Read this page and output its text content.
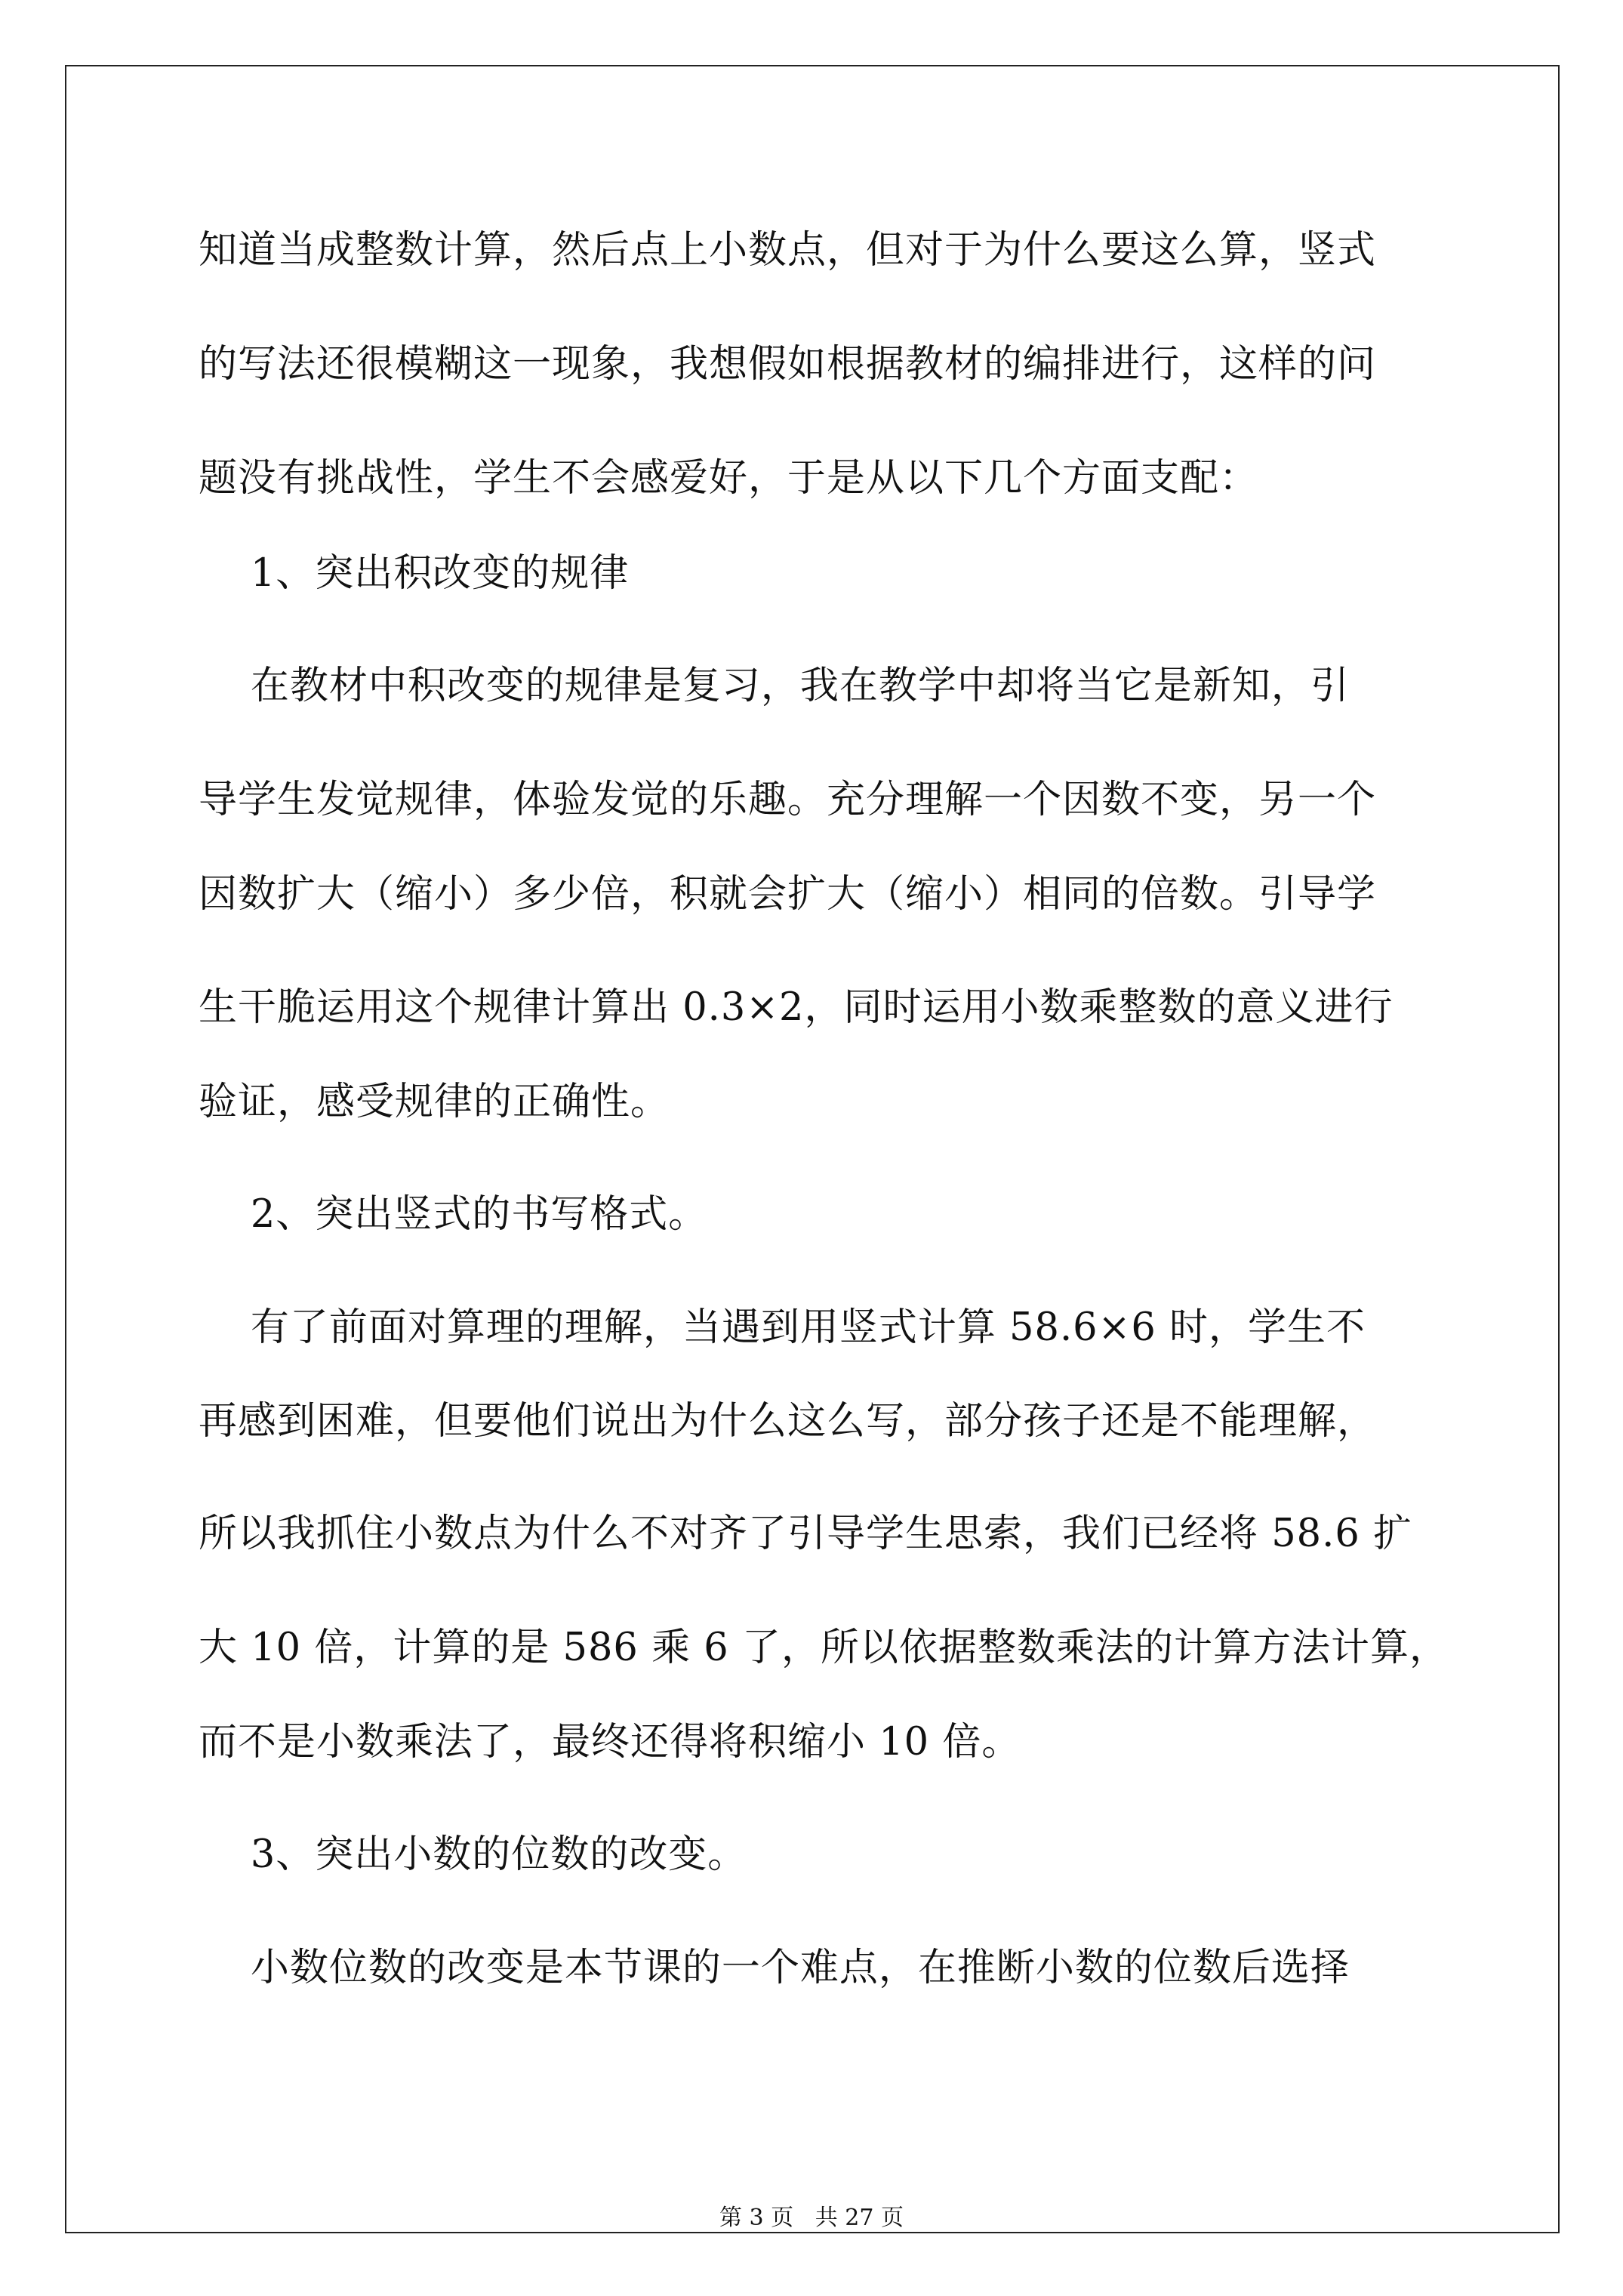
知道当成整数计算，然后点上小数点，但对于为什么要这么算，竖式
的写法还很模糊这一现象，我想假如根据教材的编排进行，这样的问
题没有挑战性，学生不会感爱好，于是从以下几个方面支配：
1、突出积改变的规律
在教材中积改变的规律是复习，我在教学中却将当它是新知，引
导学生发觉规律，体验发觉的乐趣。充分理解一个因数不变，另一个
因数扩大（缩小）多少倍，积就会扩大（缩小）相同的倍数。引导学
生干脆运用这个规律计算出 0.3×2，同时运用小数乘整数的意义进行
验证，感受规律的正确性。
2、突出竖式的书写格式。
有了前面对算理的理解，当遇到用竖式计算 58.6×6 时，学生不
再感到困难，但要他们说出为什么这么写，部分孩子还是不能理解，
所以我抓住小数点为什么不对齐了引导学生思索，我们已经将 58.6 扩
大 10 倍，计算的是 586 乘 6 了，所以依据整数乘法的计算方法计算，
而不是小数乘法了，最终还得将积缩小 10 倍。
3、突出小数的位数的改变。
小数位数的改变是本节课的一个难点，在推断小数的位数后选择
第 3 页   共 27 页
